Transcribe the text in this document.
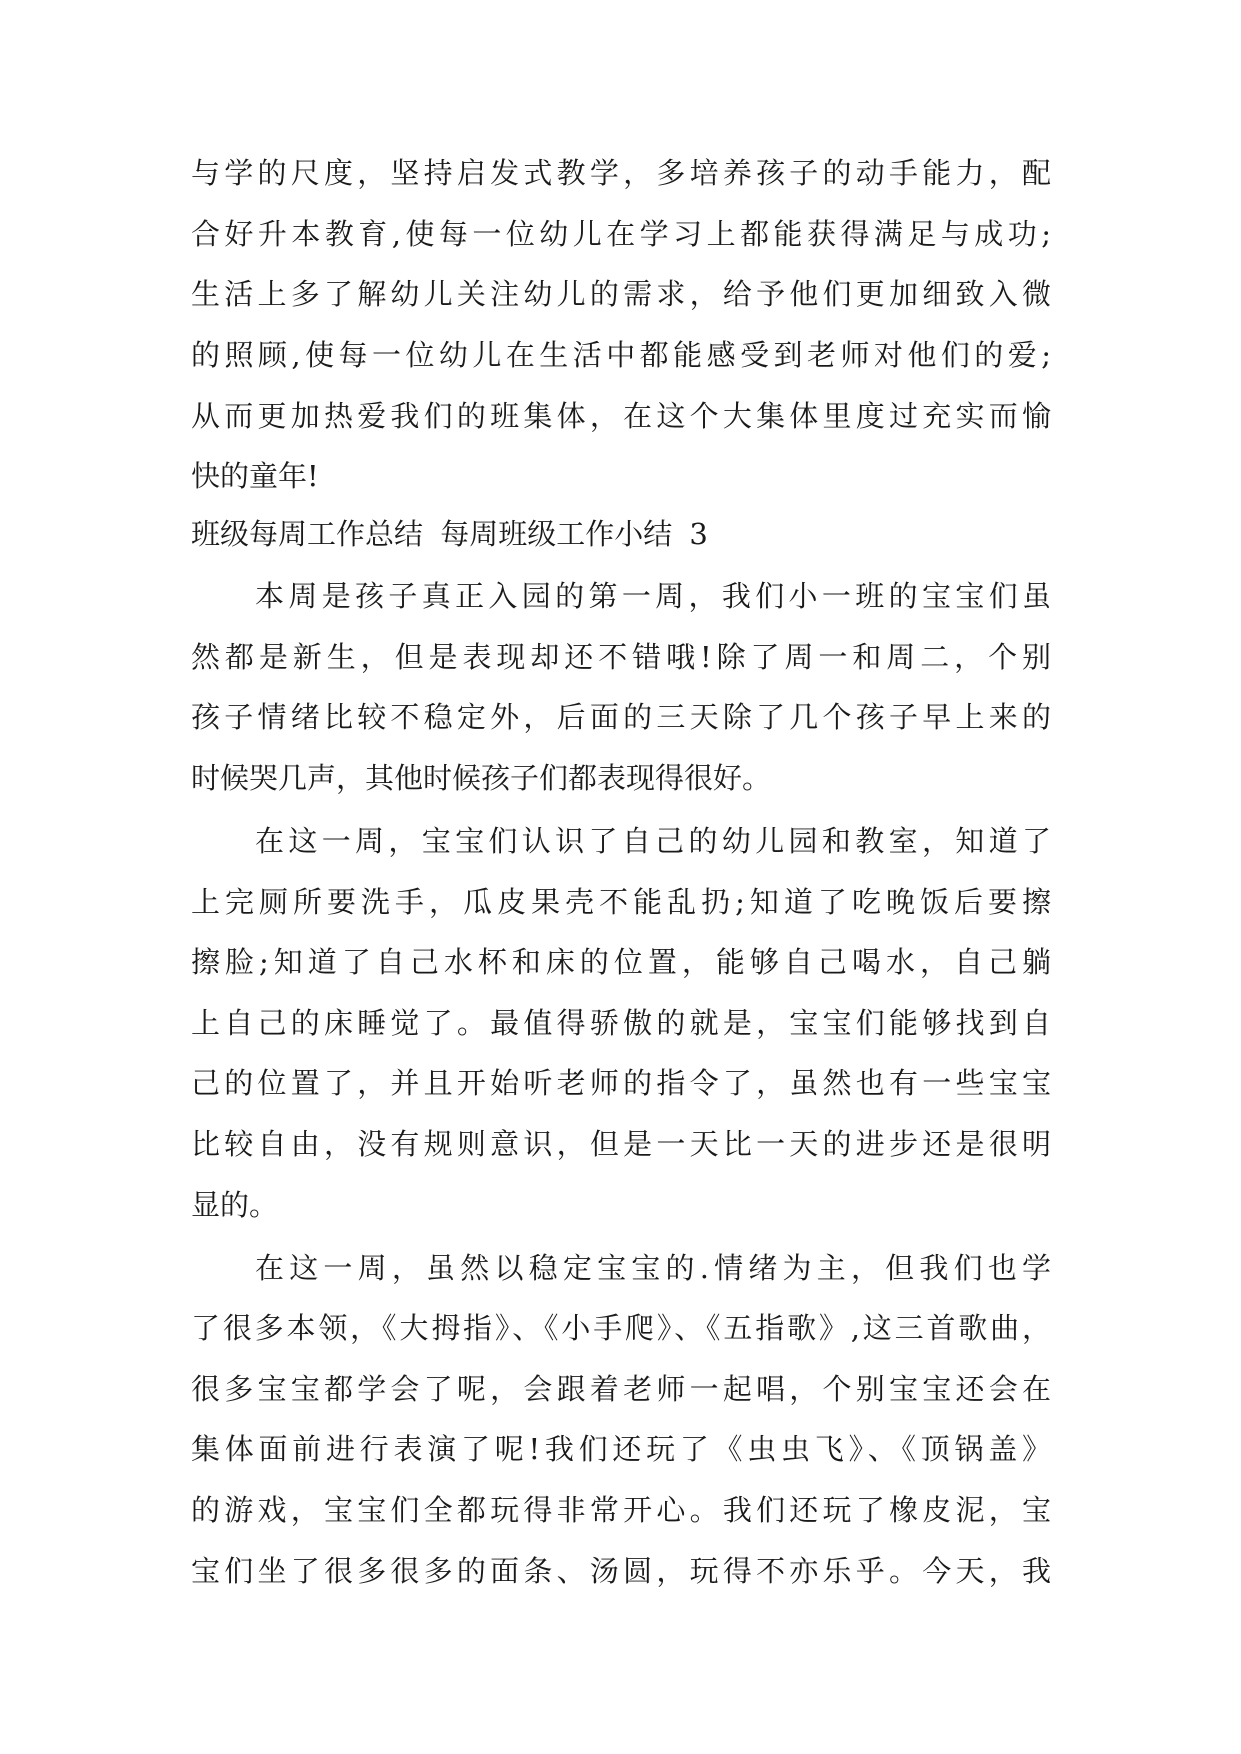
与学的尺度，坚持启发式教学，多培养孩子的动手能力，配
合好升本教育,使每一位幼儿在学习上都能获得满足与成功;
生活上多了解幼儿关注幼儿的需求，给予他们更加细致入微
的照顾,使每一位幼儿在生活中都能感受到老师对他们的爱;
从而更加热爱我们的班集体，在这个大集体里度过充实而愉
快的童年!
班级每周工作总结 每周班级工作小结 3
本周是孩子真正入园的第一周，我们小一班的宝宝们虽
然都是新生，但是表现却还不错哦!除了周一和周二，个别
孩子情绪比较不稳定外，后面的三天除了几个孩子早上来的
时候哭几声，其他时候孩子们都表现得很好。
在这一周，宝宝们认识了自己的幼儿园和教室，知道了
上完厕所要洗手，瓜皮果壳不能乱扔;知道了吃晚饭后要擦
擦脸;知道了自己水杯和床的位置，能够自己喝水，自己躺
上自己的床睡觉了。最值得骄傲的就是，宝宝们能够找到自
己的位置了，并且开始听老师的指令了，虽然也有一些宝宝
比较自由，没有规则意识，但是一天比一天的进步还是很明
显的。
在这一周，虽然以稳定宝宝的.情绪为主，但我们也学
了很多本领，《大拇指》、《小手爬》、《五指歌》,这三首歌曲，
很多宝宝都学会了呢，会跟着老师一起唱，个别宝宝还会在
集体面前进行表演了呢!我们还玩了《虫虫飞》、《顶锅盖》
的游戏，宝宝们全都玩得非常开心。我们还玩了橡皮泥，宝
宝们坐了很多很多的面条、汤圆，玩得不亦乐乎。今天，我
